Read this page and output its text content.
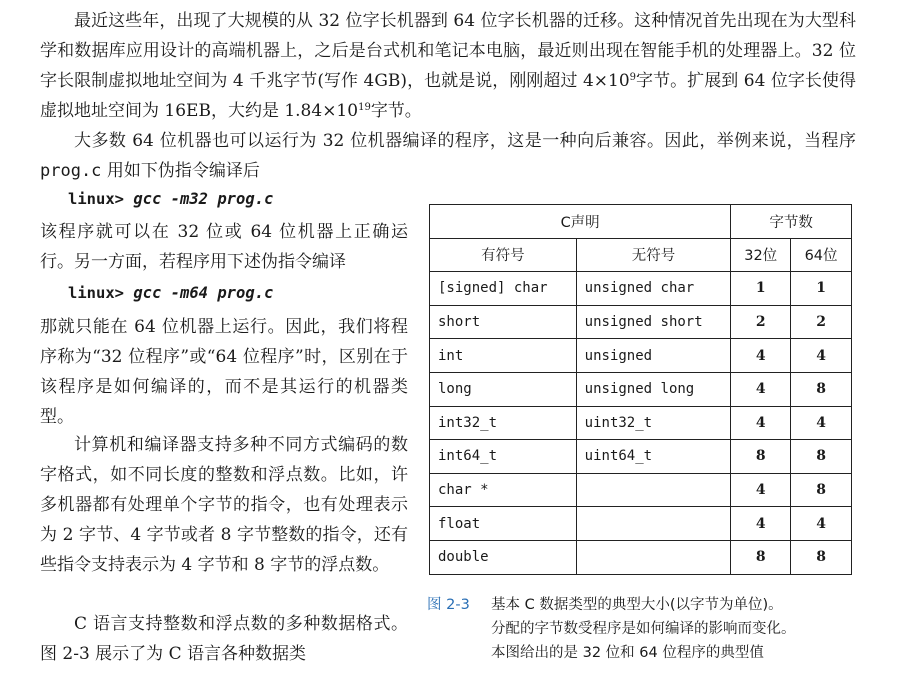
最近这些年，出现了大规模的从 32 位字长机器到 64 位字长机器的迁移。这种情况首先出现在为大型科学和数据库应用设计的高端机器上，之后是台式机和笔记本电脑，最近则出现在智能手机的处理器上。32 位字长限制虚拟地址空间为 4 千兆字节(写作 4GB)，也就是说，刚刚超过 $4\times 10^9$字节。扩展到 64 位字长使得虚拟地址空间为 16EB，大约是 $1.84\times 10^{19}$字节。

大多数 64 位机器也可以运行为 32 位机器编译的程序，这是一种向后兼容。因此，举例来说，当程序 prog.c 用如下伪指令编译后

linux> gcc -m32 prog.c

该程序就可以在 32 位或 64 位机器上正确运行。另一方面，若程序用下述伪指令编译

linux> gcc -m64 prog.c

那就只能在 64 位机器上运行。因此，我们将程序称为“32 位程序”或“64 位程序”时，区别在于该程序是如何编译的，而不是其运行的机器类型。

计算机和编译器支持多种不同方式编码的数字格式，如不同长度的整数和浮点数。比如，许多机器都有处理单个字节的指令，也有处理表示为 2 字节、4 字节或者 8 字节整数的指令，还有些指令支持表示为 4 字节和 8 字节的浮点数。

C 语言支持整数和浮点数的多种数据格式。图 2-3 展示了为 C 语言各种数据类

C声明		字节数	
有符号	无符号	32位	64位
[signed] char	unsigned char	1	1
short	unsigned short	2	2
int	unsigned	4	4
long	unsigned long	4	8
int32_t	uint32_t	4	4
int64_t	uint64_t	8	8
char *		4	8
float		4	4
double		8	8
图 2-3	基本 C 数据类型的典型大小(以字节为单位)。
分配的字节数受程序是如何编译的影响而变化。
本图给出的是 32 位和 64 位程序的典型值
